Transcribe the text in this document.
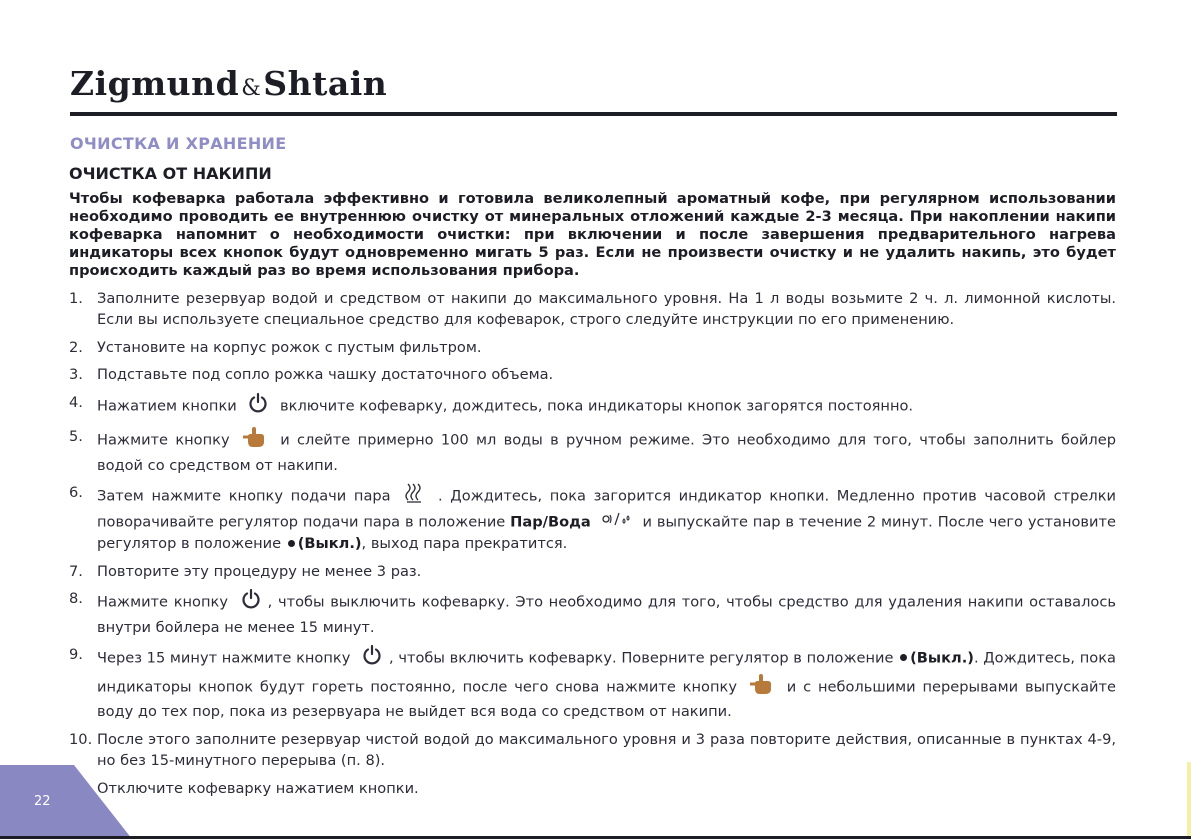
Zigmund&Shtain
ОЧИСТКА И ХРАНЕНИЕ
ОЧИСТКА ОТ НАКИПИ

Чтобы кофеварка работала эффективно и готовила великолепный ароматный кофе, при регулярном использовании необходимо проводить ее внутреннюю очистку от минеральных отложений каждые 2-3 месяца. При накоплении накипи кофеварка напомнит о необходимости очистки: при включении и после завершения предварительного нагрева индикаторы всех кнопок будут одновременно мигать 5 раз. Если не произвести очистку и не удалить накипь, это будет происходить каждый раз во время использования прибора.

1. Заполните резервуар водой и средством от накипи до максимального уровня. На 1 л воды возьмите 2 ч. л. лимонной кислоты. Если вы используете специальное средство для кофеварок, строго следуйте инструкции по его применению.
2. Установите на корпус рожок с пустым фильтром.
3. Подставьте под сопло рожка чашку достаточного объема.
4. Нажатием кнопки	включите кофеварку, дождитесь, пока индикаторы кнопок загорятся постоянно.
5. Нажмите кнопку	и слейте примерно 100 мл воды в ручном режиме. Это необходимо для того, чтобы заполнить бойлер водой со средством от накипи.
6. Затем нажмите кнопку подачи пара	. Дождитесь, пока загорится индикатор кнопки. Медленно против часовой стрелки поворачивайте регулятор подачи пара в положение Пар/Вода	и выпускайте пар в течение 2 минут. После чего установите регулятор в положение (Выкл.), выход пара прекратится.
7. Повторите эту процедуру не менее 3 раз.
8. Нажмите кнопку	, чтобы выключить кофеварку. Это необходимо для того, чтобы средство для удаления накипи оставалось внутри бойлера не менее 15 минут.
9. Через 15 минут нажмите кнопку	, чтобы включить кофеварку. Поверните регулятор в положение (Выкл.). Дождитесь, пока индикаторы кнопок будут гореть постоянно, после чего снова нажмите кнопку	и с небольшими перерывами выпускайте воду до тех пор, пока из резервуара не выйдет вся вода со средством от накипи.
10. После этого заполните резервуар чистой водой до максимального уровня и 3 раза повторите действия, описанные в пунктах 4-9, но без 15-минутного перерыва (п. 8).
Отключите кофеварку нажатием кнопки.
22
